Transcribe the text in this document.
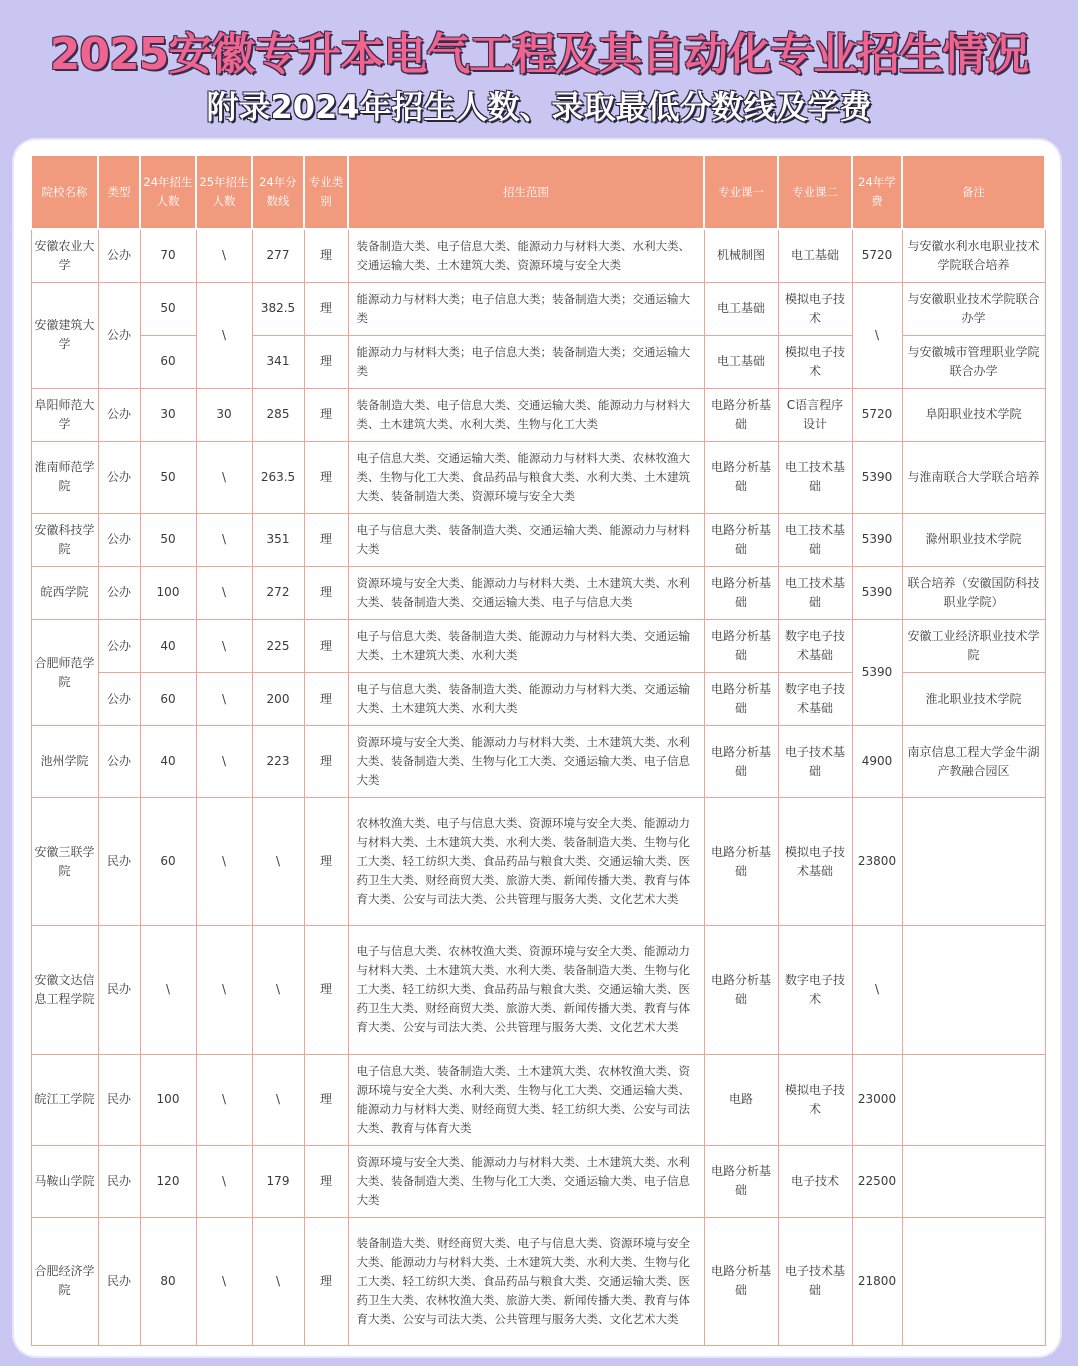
2025安徽专升本电气工程及其自动化专业招生情况
附录2024年招生人数、录取最低分数线及学费
院校名称	类型	24年招生人数	25年招生人数	24年分数线	专业类别	招生范围	专业课一	专业课二	24年学费	备注
安徽农业大学	公办	70	\	277	理	装备制造大类、电子信息大类、能源动力与材料大类、水利大类、交通运输大类、土木建筑大类、资源环境与安全大类	机械制图	电工基础	5720	与安徽水利水电职业技术学院联合培养
安徽建筑大学	公办	50	\	382.5	理	能源动力与材料大类；电子信息大类；装备制造大类；交通运输大类	电工基础	模拟电子技术	\	与安徽职业技术学院联合办学
		60		341	理	能源动力与材料大类；电子信息大类；装备制造大类；交通运输大类	电工基础	模拟电子技术		与安徽城市管理职业学院联合办学
阜阳师范大学	公办	30	30	285	理	装备制造大类、电子信息大类、交通运输大类、能源动力与材料大类、土木建筑大类、水利大类、生物与化工大类	电路分析基础	C语言程序设计	5720	阜阳职业技术学院
淮南师范学院	公办	50	\	263.5	理	电子信息大类、交通运输大类、能源动力与材料大类、农林牧渔大类、生物与化工大类、食品药品与粮食大类、水利大类、土木建筑大类、装备制造大类、资源环境与安全大类	电路分析基础	电工技术基础	5390	与淮南联合大学联合培养
安徽科技学院	公办	50	\	351	理	电子与信息大类、装备制造大类、交通运输大类、能源动力与材料大类	电路分析基础	电工技术基础	5390	滁州职业技术学院
皖西学院	公办	100	\	272	理	资源环境与安全大类、能源动力与材料大类、土木建筑大类、水利大类、装备制造大类、交通运输大类、电子与信息大类	电路分析基础	电工技术基础	5390	联合培养（安徽国防科技职业学院）
合肥师范学院	公办	40	\	225	理	电子与信息大类、装备制造大类、能源动力与材料大类、交通运输大类、土木建筑大类、水利大类	电路分析基础	数字电子技术基础	5390	安徽工业经济职业技术学院
	公办	60	\	200	理	电子与信息大类、装备制造大类、能源动力与材料大类、交通运输大类、土木建筑大类、水利大类	电路分析基础	数字电子技术基础		淮北职业技术学院
池州学院	公办	40	\	223	理	资源环境与安全大类、能源动力与材料大类、土木建筑大类、水利大类、装备制造大类、生物与化工大类、交通运输大类、电子信息大类	电路分析基础	电子技术基础	4900	南京信息工程大学金牛湖产教融合园区
安徽三联学院	民办	60	\	\	理	农林牧渔大类、电子与信息大类、资源环境与安全大类、能源动力与材料大类、土木建筑大类、水利大类、装备制造大类、生物与化工大类、轻工纺织大类、食品药品与粮食大类、交通运输大类、医药卫生大类、财经商贸大类、旅游大类、新闻传播大类、教育与体育大类、公安与司法大类、公共管理与服务大类、文化艺术大类	电路分析基础	模拟电子技术基础	23800	
安徽文达信息工程学院	民办	\	\	\	理	电子与信息大类、农林牧渔大类、资源环境与安全大类、能源动力与材料大类、土木建筑大类、水利大类、装备制造大类、生物与化工大类、轻工纺织大类、食品药品与粮食大类、交通运输大类、医药卫生大类、财经商贸大类、旅游大类、新闻传播大类、教育与体育大类、公安与司法大类、公共管理与服务大类、文化艺术大类	电路分析基础	数字电子技术	\	
皖江工学院	民办	100	\	\	理	电子信息大类、装备制造大类、土木建筑大类、农林牧渔大类、资源环境与安全大类、水利大类、生物与化工大类、交通运输大类、能源动力与材料大类、财经商贸大类、轻工纺织大类、公安与司法大类、教育与体育大类	电路	模拟电子技术	23000	
马鞍山学院	民办	120	\	179	理	资源环境与安全大类、能源动力与材料大类、土木建筑大类、水利大类、装备制造大类、生物与化工大类、交通运输大类、电子信息大类	电路分析基础	电子技术	22500	
合肥经济学院	民办	80	\	\	理	装备制造大类、财经商贸大类、电子与信息大类、资源环境与安全大类、能源动力与材料大类、土木建筑大类、水利大类、生物与化工大类、轻工纺织大类、食品药品与粮食大类、交通运输大类、医药卫生大类、农林牧渔大类、旅游大类、新闻传播大类、教育与体育大类、公安与司法大类、公共管理与服务大类、文化艺术大类	电路分析基础	电子技术基础	21800	
